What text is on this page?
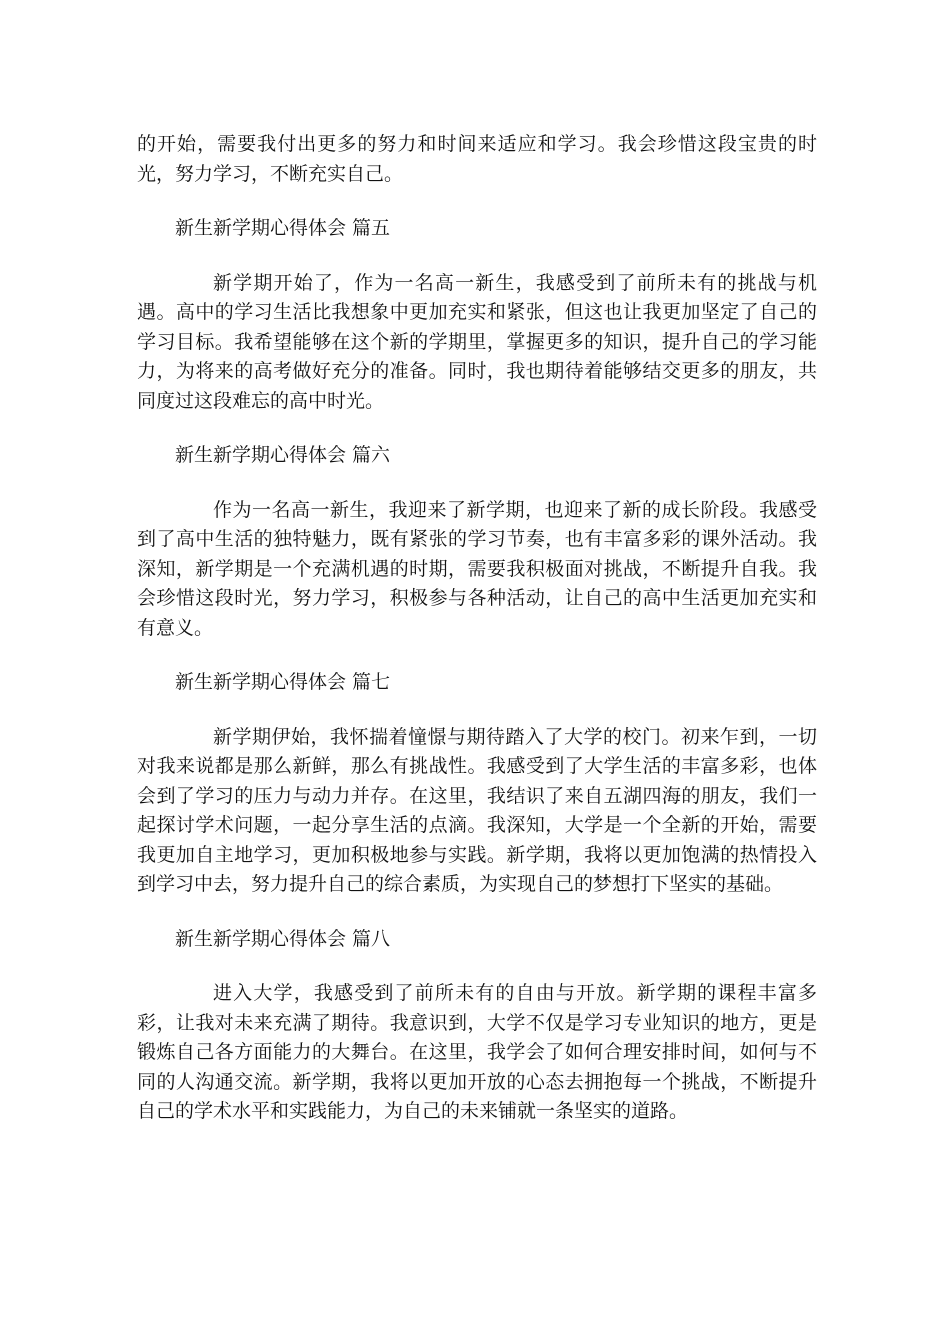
的开始，需要我付出更多的努力和时间来适应和学习。我会珍惜这段宝贵的时光，努力学习，不断充实自己。

新生新学期心得体会 篇五

新学期开始了，作为一名高一新生，我感受到了前所未有的挑战与机遇。高中的学习生活比我想象中更加充实和紧张，但这也让我更加坚定了自己的学习目标。我希望能够在这个新的学期里，掌握更多的知识，提升自己的学习能力，为将来的高考做好充分的准备。同时，我也期待着能够结交更多的朋友，共同度过这段难忘的高中时光。

新生新学期心得体会 篇六

作为一名高一新生，我迎来了新学期，也迎来了新的成长阶段。我感受到了高中生活的独特魅力，既有紧张的学习节奏，也有丰富多彩的课外活动。我深知，新学期是一个充满机遇的时期，需要我积极面对挑战，不断提升自我。我会珍惜这段时光，努力学习，积极参与各种活动，让自己的高中生活更加充实和有意义。

新生新学期心得体会 篇七

新学期伊始，我怀揣着憧憬与期待踏入了大学的校门。初来乍到，一切对我来说都是那么新鲜，那么有挑战性。我感受到了大学生活的丰富多彩，也体会到了学习的压力与动力并存。在这里，我结识了来自五湖四海的朋友，我们一起探讨学术问题，一起分享生活的点滴。我深知，大学是一个全新的开始，需要我更加自主地学习，更加积极地参与实践。新学期，我将以更加饱满的热情投入到学习中去，努力提升自己的综合素质，为实现自己的梦想打下坚实的基础。

新生新学期心得体会 篇八

进入大学，我感受到了前所未有的自由与开放。新学期的课程丰富多彩，让我对未来充满了期待。我意识到，大学不仅是学习专业知识的地方，更是锻炼自己各方面能力的大舞台。在这里，我学会了如何合理安排时间，如何与不同的人沟通交流。新学期，我将以更加开放的心态去拥抱每一个挑战，不断提升自己的学术水平和实践能力，为自己的未来铺就一条坚实的道路。
